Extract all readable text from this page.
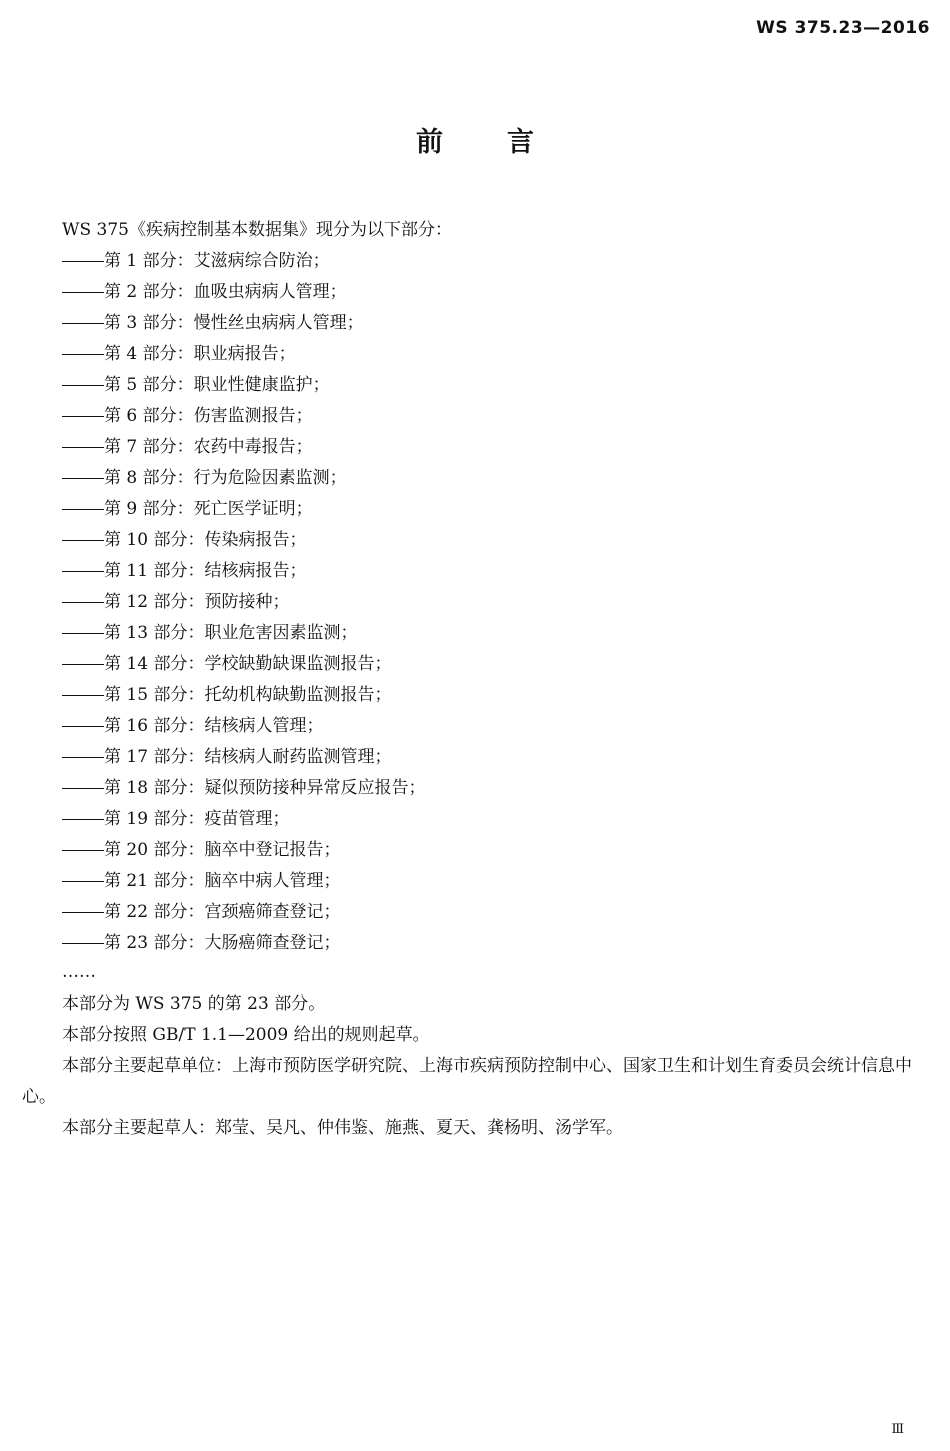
WS 375.23—2016
前言

WS 375《疾病控制基本数据集》现分为以下部分：

第 1 部分：艾滋病综合防治；
第 2 部分：血吸虫病病人管理；
第 3 部分：慢性丝虫病病人管理；
第 4 部分：职业病报告；
第 5 部分：职业性健康监护；
第 6 部分：伤害监测报告；
第 7 部分：农药中毒报告；
第 8 部分：行为危险因素监测；
第 9 部分：死亡医学证明；
第 10 部分：传染病报告；
第 11 部分：结核病报告；
第 12 部分：预防接种；
第 13 部分：职业危害因素监测；
第 14 部分：学校缺勤缺课监测报告；
第 15 部分：托幼机构缺勤监测报告；
第 16 部分：结核病人管理；
第 17 部分：结核病人耐药监测管理；
第 18 部分：疑似预防接种异常反应报告；
第 19 部分：疫苗管理；
第 20 部分：脑卒中登记报告；
第 21 部分：脑卒中病人管理；
第 22 部分：宫颈癌筛查登记；
第 23 部分：大肠癌筛查登记；
……

本部分为 WS 375 的第 23 部分。

本部分按照 GB/T 1.1—2009 给出的规则起草。

本部分主要起草单位：上海市预防医学研究院、上海市疾病预防控制中心、国家卫生和计划生育委员会统计信息中心。

本部分主要起草人：郑莹、吴凡、仲伟鉴、施燕、夏天、龚杨明、汤学军。

Ⅲ
